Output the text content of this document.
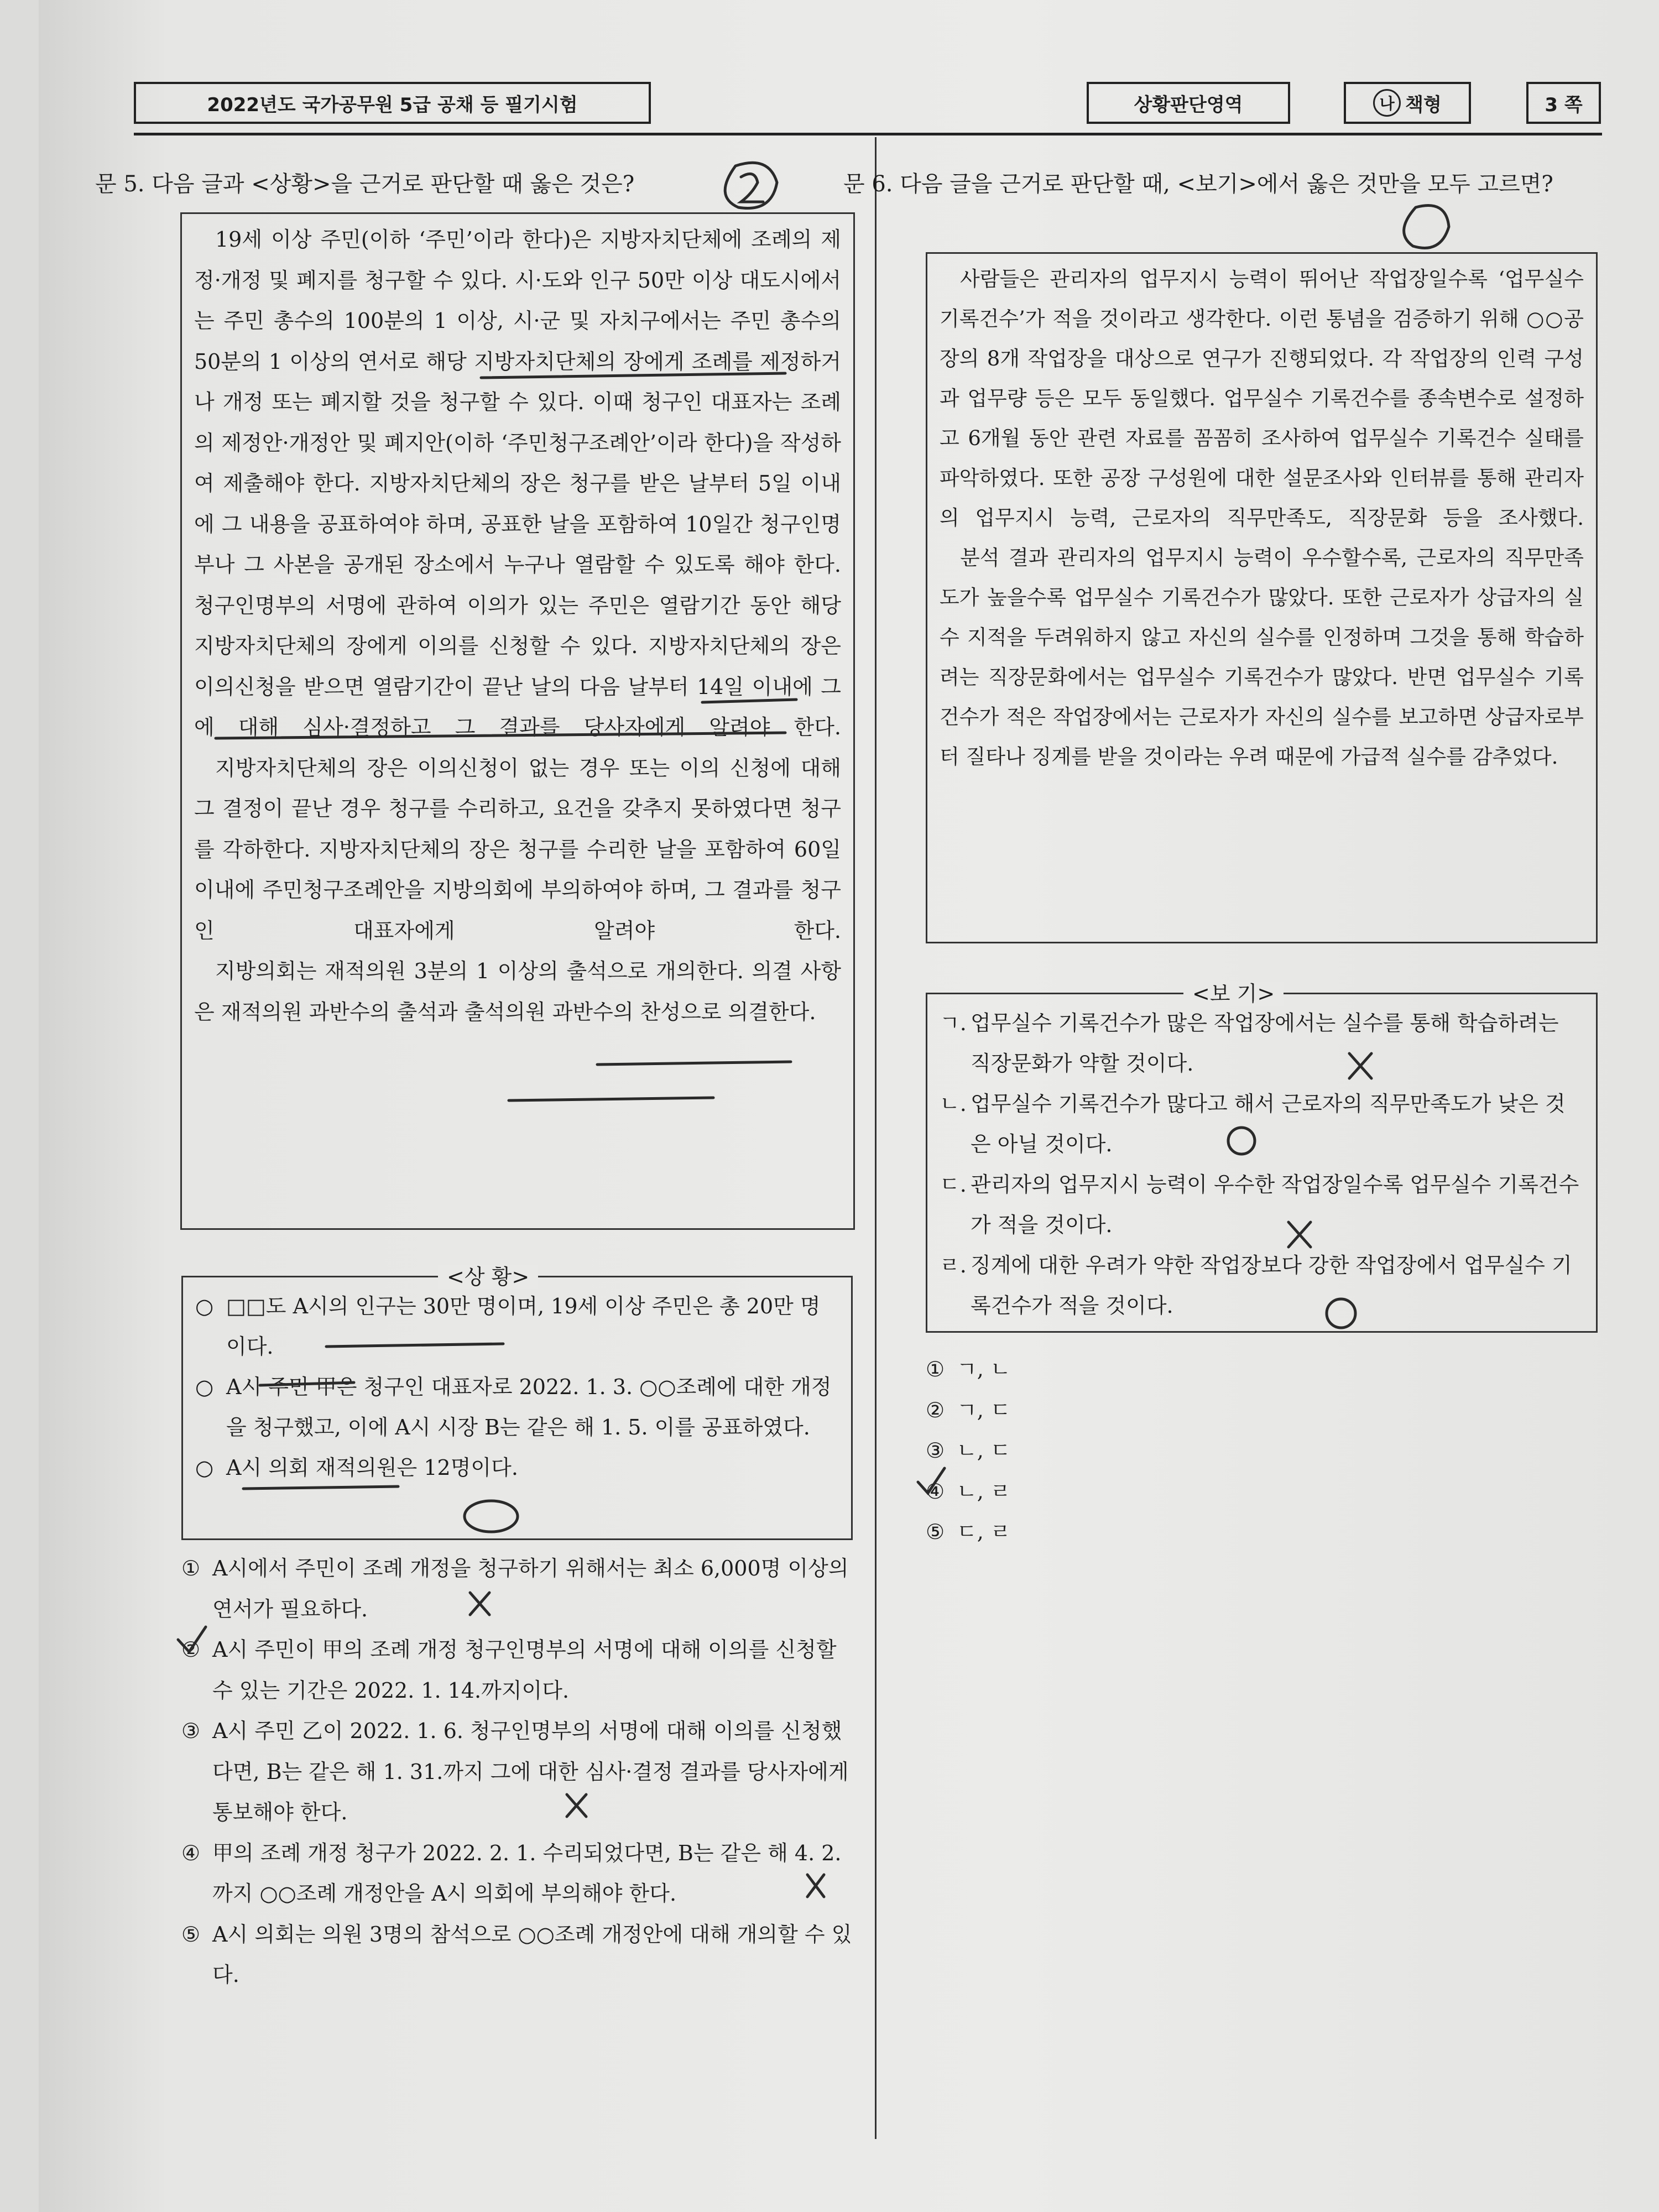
2022년도 국가공무원 5급 공채 등 필기시험	상황판단영역	나 책형	3 쪽
문 5. 다음 글과 <상황>을 근거로 판단할 때 옳은 것은?

19세 이상 주민(이하 ‘주민’이라 한다)은 지방자치단체에 조례의 제정·개정 및 폐지를 청구할 수 있다. 시·도와 인구 50만 이상 대도시에서는 주민 총수의 100분의 1 이상, 시·군 및 자치구에서는 주민 총수의 50분의 1 이상의 연서로 해당 지방자치단체의 장에게 조례를 제정하거나 개정 또는 폐지할 것을 청구할 수 있다. 이때 청구인 대표자는 조례의 제정안·개정안 및 폐지안(이하 ‘주민청구조례안’이라 한다)을 작성하여 제출해야 한다. 지방자치단체의 장은 청구를 받은 날부터 5일 이내에 그 내용을 공표하여야 하며, 공표한 날을 포함하여 10일간 청구인명부나 그 사본을 공개된 장소에서 누구나 열람할 수 있도록 해야 한다. 청구인명부의 서명에 관하여 이의가 있는 주민은 열람기간 동안 해당 지방자치단체의 장에게 이의를 신청할 수 있다. 지방자치단체의 장은 이의신청을 받으면 열람기간이 끝난 날의 다음 날부터 14일 이내에 그에 대해 심사·결정하고 그 결과를 당사자에게 알려야 한다.

지방자치단체의 장은 이의신청이 없는 경우 또는 이의 신청에 대해 그 결정이 끝난 경우 청구를 수리하고, 요건을 갖추지 못하였다면 청구를 각하한다. 지방자치단체의 장은 청구를 수리한 날을 포함하여 60일 이내에 주민청구조례안을 지방의회에 부의하여야 하며, 그 결과를 청구인 대표자에게 알려야 한다.

지방의회는 재적의원 3분의 1 이상의 출석으로 개의한다. 의결 사항은 재적의원 과반수의 출석과 출석의원 과반수의 찬성으로 의결한다.

○ □□도 A시의 인구는 30만 명이며, 19세 이상 주민은 총 20만 명이다.
○ A시 주민 甲은 청구인 대표자로 2022. 1. 3. ○○조례에 대한 개정을 청구했고, 이에 A시 시장 B는 같은 해 1. 5. 이를 공표하였다.
○ A시 의회 재적의원은 12명이다.
<상 황>
① A시에서 주민이 조례 개정을 청구하기 위해서는 최소 6,000명 이상의 연서가 필요하다.
② A시 주민이 甲의 조례 개정 청구인명부의 서명에 대해 이의를 신청할 수 있는 기간은 2022. 1. 14.까지이다.
③ A시 주민 乙이 2022. 1. 6. 청구인명부의 서명에 대해 이의를 신청했다면, B는 같은 해 1. 31.까지 그에 대한 심사·결정 결과를 당사자에게 통보해야 한다.
④ 甲의 조례 개정 청구가 2022. 2. 1. 수리되었다면, B는 같은 해 4. 2.까지 ○○조례 개정안을 A시 의회에 부의해야 한다.
⑤ A시 의회는 의원 3명의 참석으로 ○○조례 개정안에 대해 개의할 수 있다.
문 6. 다음 글을 근거로 판단할 때, <보기>에서 옳은 것만을 모두 고르면?

사람들은 관리자의 업무지시 능력이 뛰어난 작업장일수록 ‘업무실수 기록건수’가 적을 것이라고 생각한다. 이런 통념을 검증하기 위해 ○○공장의 8개 작업장을 대상으로 연구가 진행되었다. 각 작업장의 인력 구성과 업무량 등은 모두 동일했다. 업무실수 기록건수를 종속변수로 설정하고 6개월 동안 관련 자료를 꼼꼼히 조사하여 업무실수 기록건수 실태를 파악하였다. 또한 공장 구성원에 대한 설문조사와 인터뷰를 통해 관리자의 업무지시 능력, 근로자의 직무만족도, 직장문화 등을 조사했다.

분석 결과 관리자의 업무지시 능력이 우수할수록, 근로자의 직무만족도가 높을수록 업무실수 기록건수가 많았다. 또한 근로자가 상급자의 실수 지적을 두려워하지 않고 자신의 실수를 인정하며 그것을 통해 학습하려는 직장문화에서는 업무실수 기록건수가 많았다. 반면 업무실수 기록건수가 적은 작업장에서는 근로자가 자신의 실수를 보고하면 상급자로부터 질타나 징계를 받을 것이라는 우려 때문에 가급적 실수를 감추었다.

ㄱ. 업무실수 기록건수가 많은 작업장에서는 실수를 통해 학습하려는 직장문화가 약할 것이다.
ㄴ. 업무실수 기록건수가 많다고 해서 근로자의 직무만족도가 낮은 것은 아닐 것이다.
ㄷ. 관리자의 업무지시 능력이 우수한 작업장일수록 업무실수 기록건수가 적을 것이다.
ㄹ. 징계에 대한 우려가 약한 작업장보다 강한 작업장에서 업무실수 기록건수가 적을 것이다.
<보 기>
① ㄱ, ㄴ
② ㄱ, ㄷ
③ ㄴ, ㄷ
④ ㄴ, ㄹ
⑤ ㄷ, ㄹ
